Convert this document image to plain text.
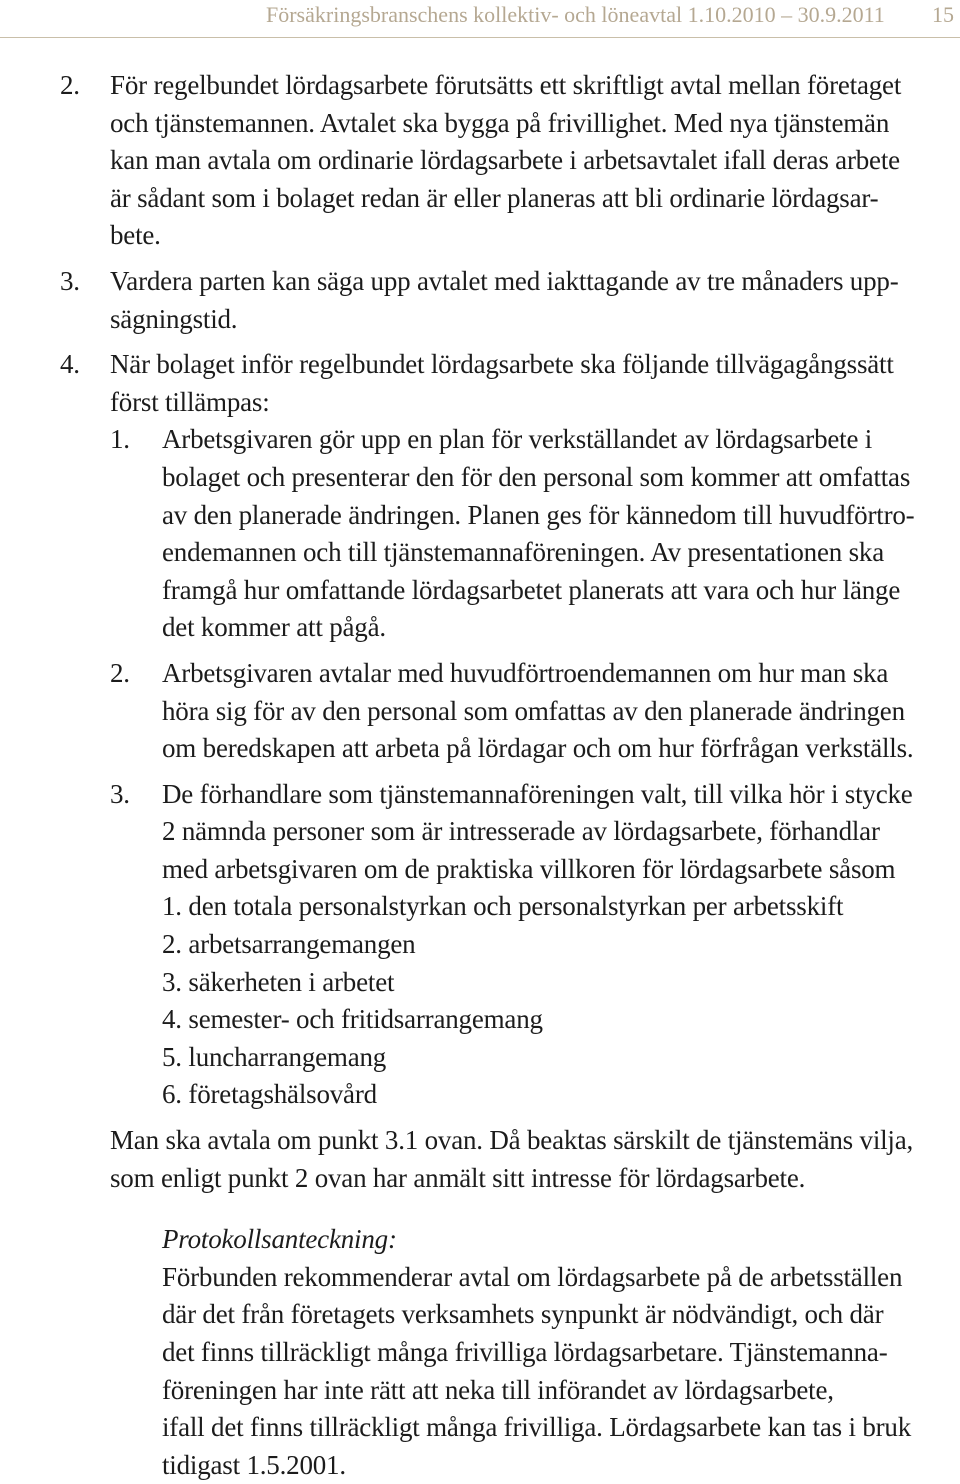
Försäkringsbranschens kollektiv- och löneavtal 1.10.2010 – 30.9.2011 15
2. För regelbundet lördagsarbete förutsätts ett skriftligt avtal mellan företaget
och tjänstemannen. Avtalet ska bygga på frivillighet. Med nya tjänstemän
kan man avtala om ordinarie lördagsarbete i arbetsavtalet ifall deras arbete
är sådant som i bolaget redan är eller planeras att bli ordinarie lördagsar-
bete.
3. Vardera parten kan säga upp avtalet med iakttagande av tre månaders upp-
sägningstid.
4. När bolaget inför regelbundet lördagsarbete ska följande tillvägagångssätt
först tillämpas:
1. Arbetsgivaren gör upp en plan för verkställandet av lördagsarbete i
bolaget och presenterar den för den personal som kommer att omfattas
av den planerade ändringen. Planen ges för kännedom till huvudförtro-
endemannen och till tjänstemannaföreningen. Av presentationen ska
framgå hur omfattande lördagsarbetet planerats att vara och hur länge
det kommer att pågå.
2. Arbetsgivaren avtalar med huvudförtroendemannen om hur man ska
höra sig för av den personal som omfattas av den planerade ändringen
om beredskapen att arbeta på lördagar och om hur förfrågan verkställs.
3. De förhandlare som tjänstemannaföreningen valt, till vilka hör i stycke
2 nämnda personer som är intresserade av lördagsarbete, förhandlar
med arbetsgivaren om de praktiska villkoren för lördagsarbete såsom
1. den totala personalstyrkan och personalstyrkan per arbetsskift
2. arbetsarrangemangen
3. säkerheten i arbetet
4. semester- och fritidsarrangemang
5. luncharrangemang
6. företagshälsovård
Man ska avtala om punkt 3.1 ovan. Då beaktas särskilt de tjänstemäns vilja,
som enligt punkt 2 ovan har anmält sitt intresse för lördagsarbete.
Protokollsanteckning:
Förbunden rekommenderar avtal om lördagsarbete på de arbetsställen
där det från företagets verksamhets synpunkt är nödvändigt, och där
det finns tillräckligt många frivilliga lördagsarbetare. Tjänstemanna-
föreningen har inte rätt att neka till införandet av lördagsarbete,
ifall det finns tillräckligt många frivilliga. Lördagsarbete kan tas i bruk
tidigast 1.5.2001.
